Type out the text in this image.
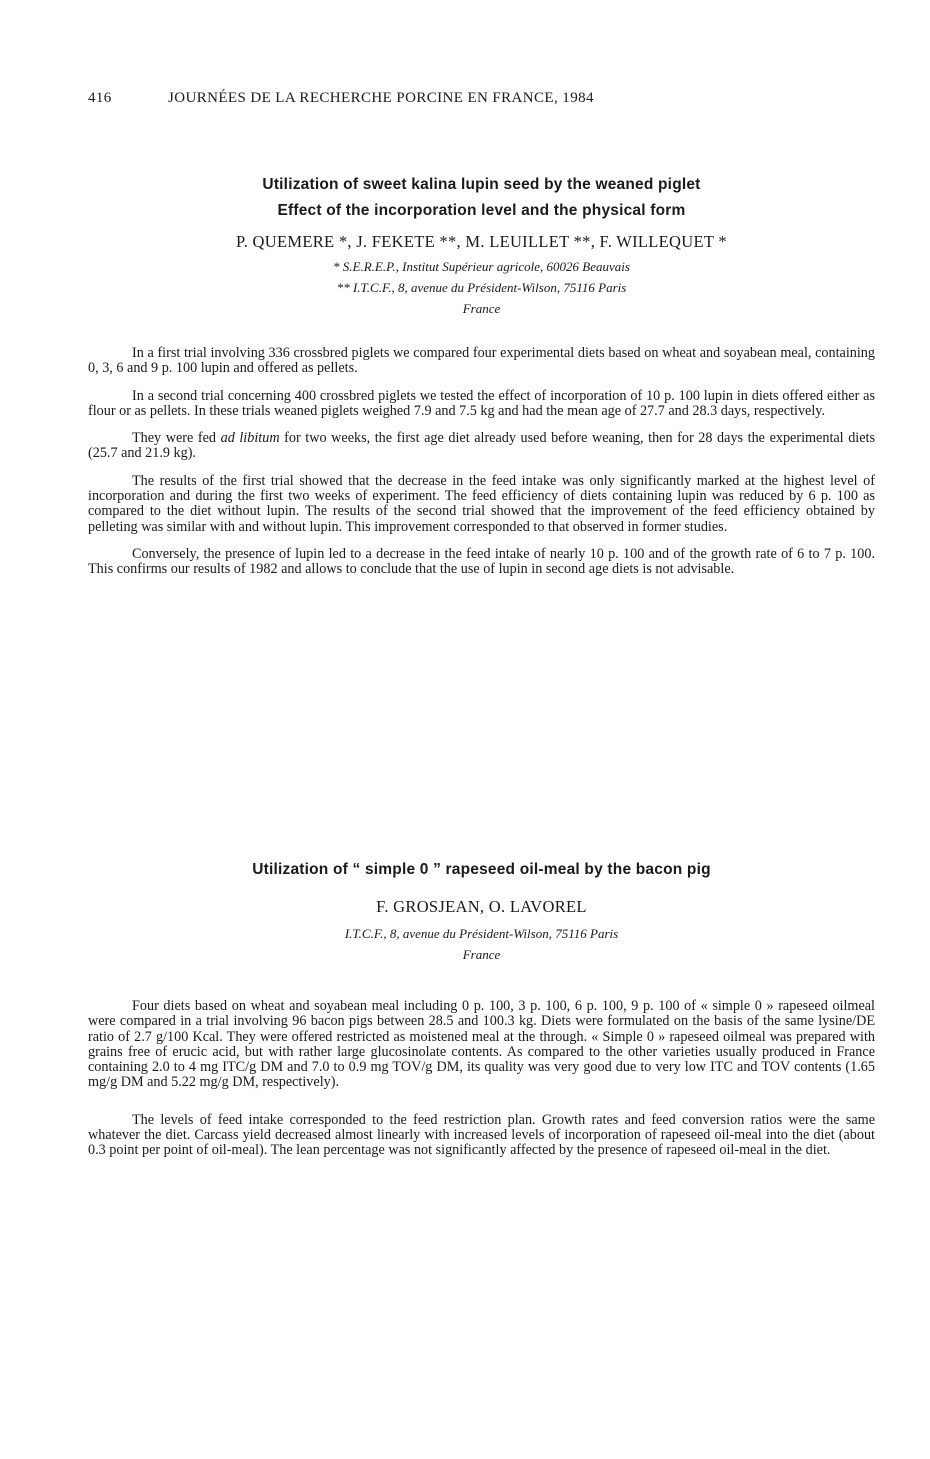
416	JOURNÉES DE LA RECHERCHE PORCINE EN FRANCE, 1984
Utilization of sweet kalina lupin seed by the weaned piglet
Effect of the incorporation level and the physical form
P. QUEMERE *, J. FEKETE **, M. LEUILLET **, F. WILLEQUET *
* S.E.R.E.P., Institut Supérieur agricole, 60026 Beauvais
** I.T.C.F., 8, avenue du Président-Wilson, 75116 Paris
France

In a first trial involving 336 crossbred piglets we compared four experimental diets based on wheat and soyabean meal, containing 0, 3, 6 and 9 p. 100 lupin and offered as pellets.

In a second trial concerning 400 crossbred piglets we tested the effect of incorporation of 10 p. 100 lupin in diets offered either as flour or as pellets. In these trials weaned piglets weighed 7.9 and 7.5 kg and had the mean age of 27.7 and 28.3 days, respectively.

They were fed ad libitum for two weeks, the first age diet already used before weaning, then for 28 days the experimental diets (25.7 and 21.9 kg).

The results of the first trial showed that the decrease in the feed intake was only significantly marked at the highest level of incorporation and during the first two weeks of experiment. The feed efficiency of diets containing lupin was reduced by 6 p. 100 as compared to the diet without lupin. The results of the second trial showed that the improvement of the feed efficiency obtained by pelleting was similar with and without lupin. This improvement corresponded to that observed in former studies.

Conversely, the presence of lupin led to a decrease in the feed intake of nearly 10 p. 100 and of the growth rate of 6 to 7 p. 100. This confirms our results of 1982 and allows to conclude that the use of lupin in second age diets is not advisable.

Utilization of “ simple 0 ” rapeseed oil-meal by the bacon pig
F. GROSJEAN, O. LAVOREL
I.T.C.F., 8, avenue du Président-Wilson, 75116 Paris
France

Four diets based on wheat and soyabean meal including 0 p. 100, 3 p. 100, 6 p. 100, 9 p. 100 of « simple 0 » rapeseed oilmeal were compared in a trial involving 96 bacon pigs between 28.5 and 100.3 kg. Diets were formulated on the basis of the same lysine/DE ratio of 2.7 g/100 Kcal. They were offered restricted as moistened meal at the through. « Simple 0 » rapeseed oilmeal was prepared with grains free of erucic acid, but with rather large glucosinolate contents. As compared to the other varieties usually produced in France containing 2.0 to 4 mg ITC/g DM and 7.0 to 0.9 mg TOV/g DM, its quality was very good due to very low ITC and TOV contents (1.65 mg/g DM and 5.22 mg/g DM, respectively).

The levels of feed intake corresponded to the feed restriction plan. Growth rates and feed conversion ratios were the same whatever the diet. Carcass yield decreased almost linearly with increased levels of incorporation of rapeseed oil-meal into the diet (about 0.3 point per point of oil-meal). The lean percentage was not significantly affected by the presence of rapeseed oil-meal in the diet.
